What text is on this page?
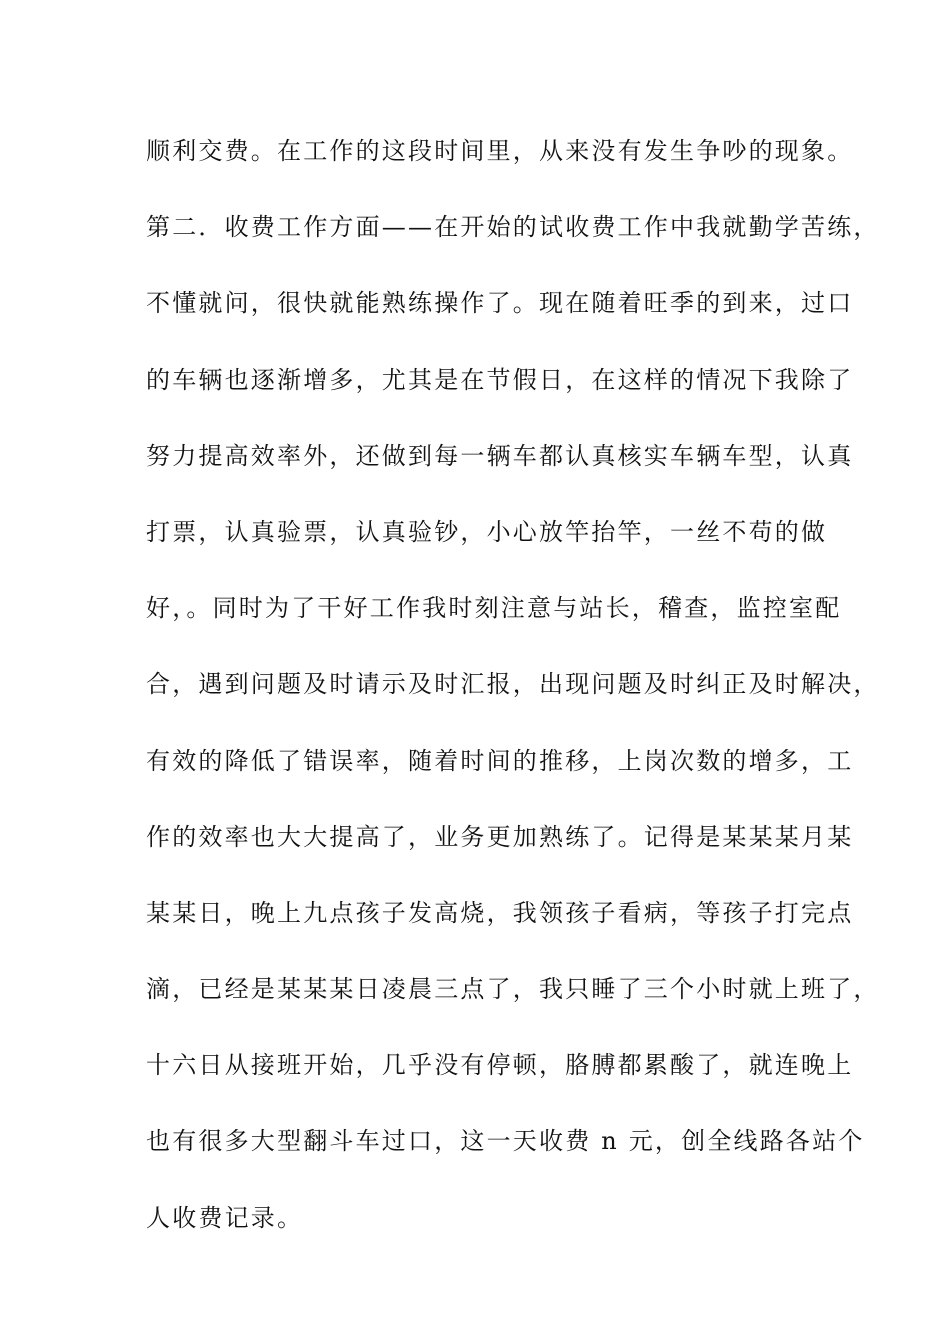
顺利交费。在工作的这段时间里，从来没有发生争吵的现象。
第二．收费工作方面——在开始的试收费工作中我就勤学苦练，
不懂就问，很快就能熟练操作了。现在随着旺季的到来，过口
的车辆也逐渐增多，尤其是在节假日，在这样的情况下我除了
努力提高效率外，还做到每一辆车都认真核实车辆车型，认真
打票，认真验票，认真验钞，小心放竿抬竿，一丝不苟的做
好，。同时为了干好工作我时刻注意与站长，稽查，监控室配
合，遇到问题及时请示及时汇报，出现问题及时纠正及时解决，
有效的降低了错误率，随着时间的推移，上岗次数的增多，工
作的效率也大大提高了，业务更加熟练了。记得是某某某月某
某某日，晚上九点孩子发高烧，我领孩子看病，等孩子打完点
滴，已经是某某某日凌晨三点了，我只睡了三个小时就上班了，
十六日从接班开始，几乎没有停顿，胳膊都累酸了，就连晚上
也有很多大型翻斗车过口，这一天收费 n 元，创全线路各站个
人收费记录。
